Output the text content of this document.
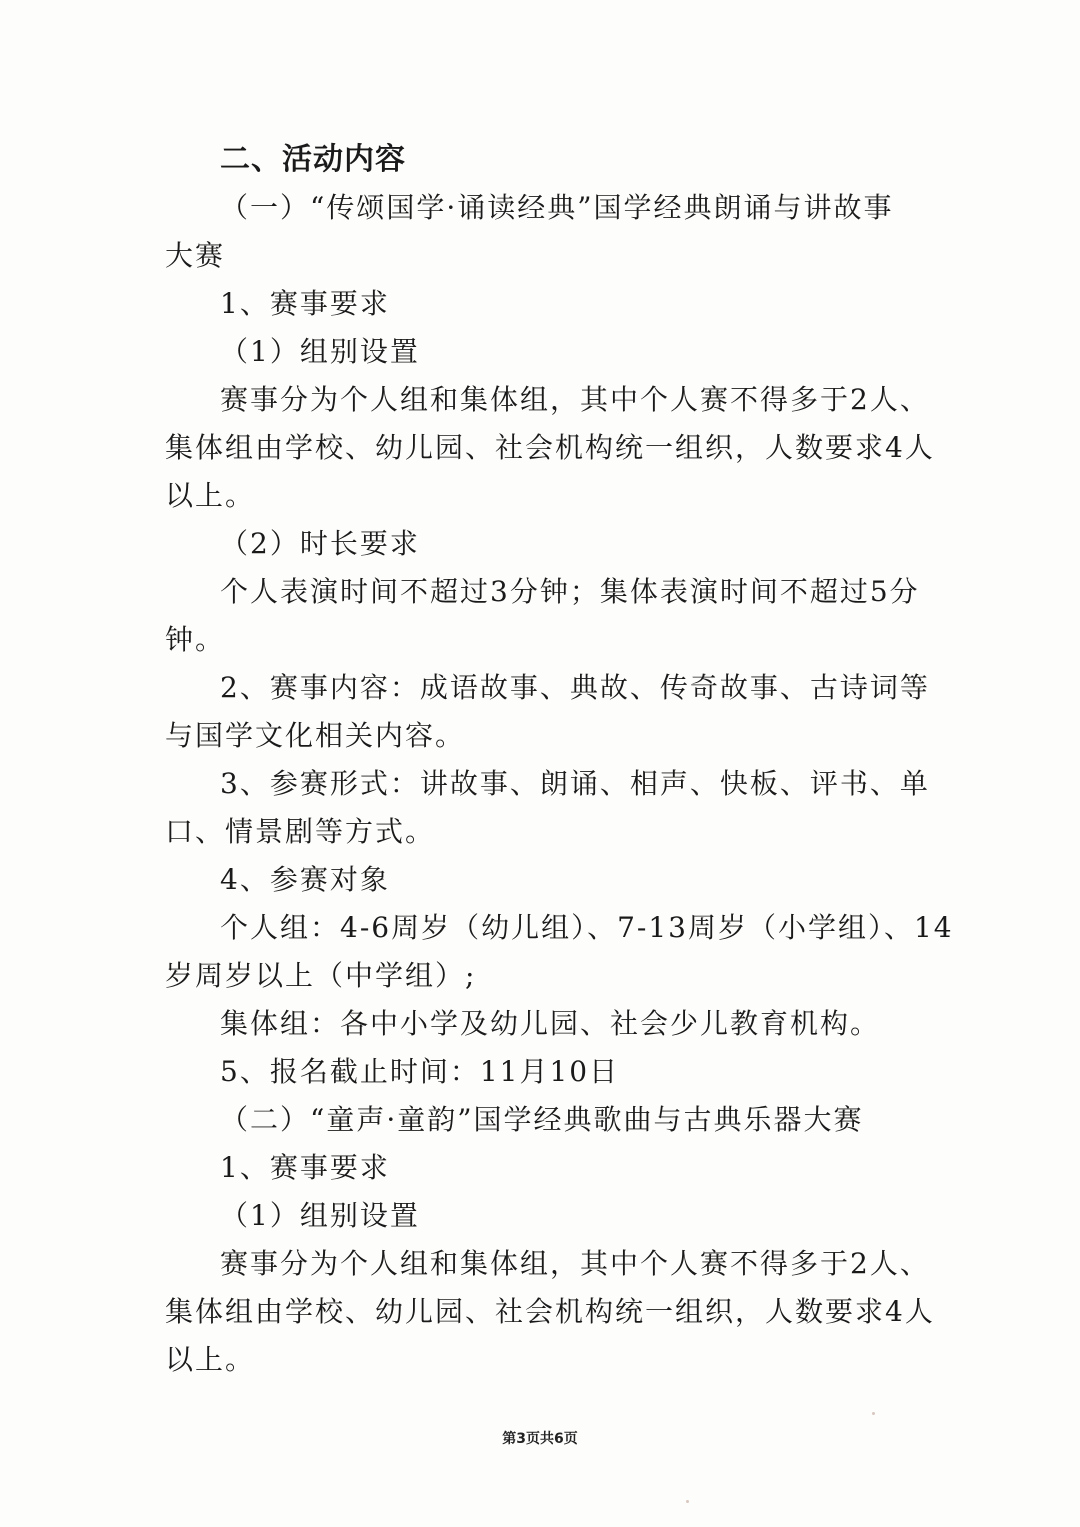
二、活动内容
（一）“传颂国学·诵读经典”国学经典朗诵与讲故事
大赛
1、赛事要求
（1）组别设置
赛事分为个人组和集体组，其中个人赛不得多于2人、
集体组由学校、幼儿园、社会机构统一组织，人数要求4人
以上。
（2）时长要求
个人表演时间不超过3分钟；集体表演时间不超过5分
钟。
2、赛事内容：成语故事、典故、传奇故事、古诗词等
与国学文化相关内容。
3、参赛形式：讲故事、朗诵、相声、快板、评书、单
口、情景剧等方式。
4、参赛对象
个人组：4-6周岁（幼儿组）、7-13周岁（小学组）、14
岁周岁以上（中学组）;
集体组：各中小学及幼儿园、社会少儿教育机构。
5、报名截止时间：11月10日
（二）“童声·童韵”国学经典歌曲与古典乐器大赛
1、赛事要求
（1）组别设置
赛事分为个人组和集体组，其中个人赛不得多于2人、
集体组由学校、幼儿园、社会机构统一组织，人数要求4人
以上。
第3页共6页
